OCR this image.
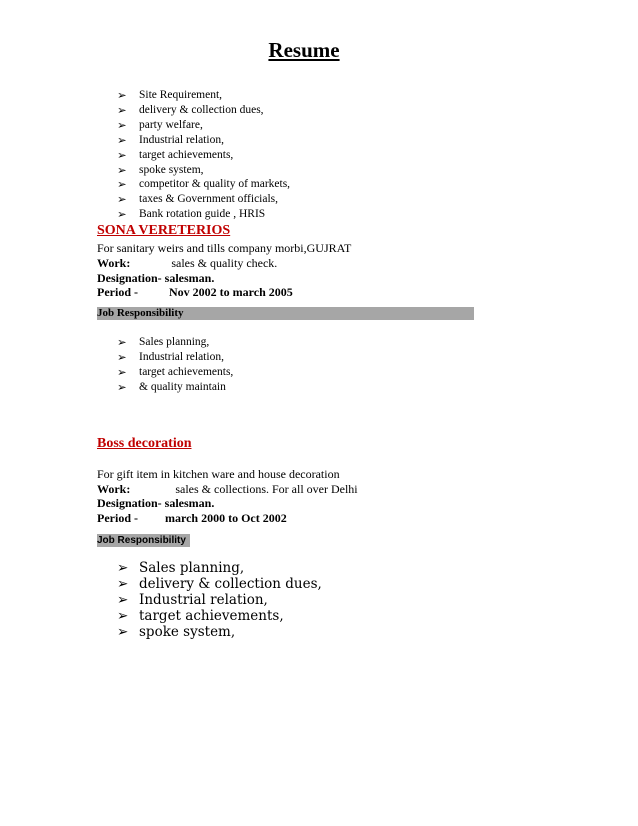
Resume
➢ Site Requirement,
➢ delivery & collection dues,
➢ party welfare,
➢ Industrial relation,
➢ target achievements,
➢ spoke system,
➢ competitor & quality of markets,
➢ taxes & Government officials,
➢ Bank rotation guide , HRIS
SONA VERETERIOS
For sanitary weirs and tills company morbi,GUJRAT
Work:	sales & quality check.
Designation- salesman.
Period -	Nov 2002 to march 2005
Job Responsibility
➢ Sales planning,
➢ Industrial relation,
➢ target achievements,
➢ & quality maintain
Boss decoration
For gift item in kitchen ware and house decoration
Work:	sales & collections. For all over Delhi
Designation- salesman.
Period - march 2000 to Oct 2002
Job Responsibility
➢ Sales planning,
➢ delivery & collection dues,
➢ Industrial relation,
➢ target achievements,
➢ spoke system,
